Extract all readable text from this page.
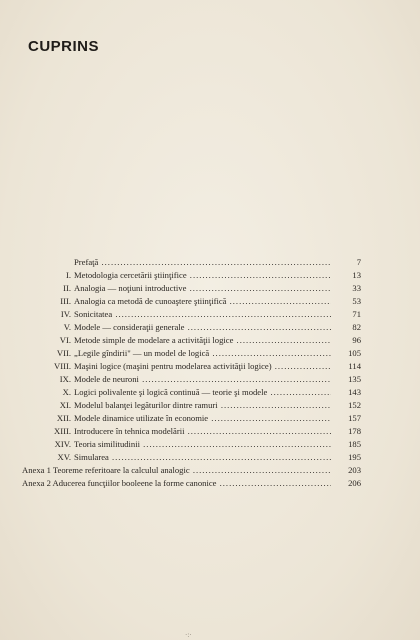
CUPRINS
Prefaţă .....	7
I. Metodologia cercetării ştiinţifice .....	13
II. Analogia — noţiuni introductive .....	33
III. Analogia ca metodă de cunoaştere ştiinţifică .....	53
IV. Sonicitatea .....	71
V. Modele — consideraţii generale .....	82
VI. Metode simple de modelare a activităţii logice .....	96
VII. „Legile gîndirii" — un model de logică .....	105
VIII. Maşini logice (maşini pentru modelarea activităţii logice) .....	114
IX. Modele de neuroni .....	135
X. Logici polivalente şi logică continuă — teorie şi modele .....	143
XI. Modelul balanţei legăturilor dintre ramuri .....	152
XII. Modele dinamice utilizate în economie .....	157
XIII. Introducere în tehnica modelării .....	178
XIV. Teoria similitudinii .....	185
XV. Simularea .....	195
Anexa 1 Teoreme referitoare la calculul analogic .....	203
Anexa 2 Aducerea funcţiilor booleene la forme canonice .....	206
·:·
